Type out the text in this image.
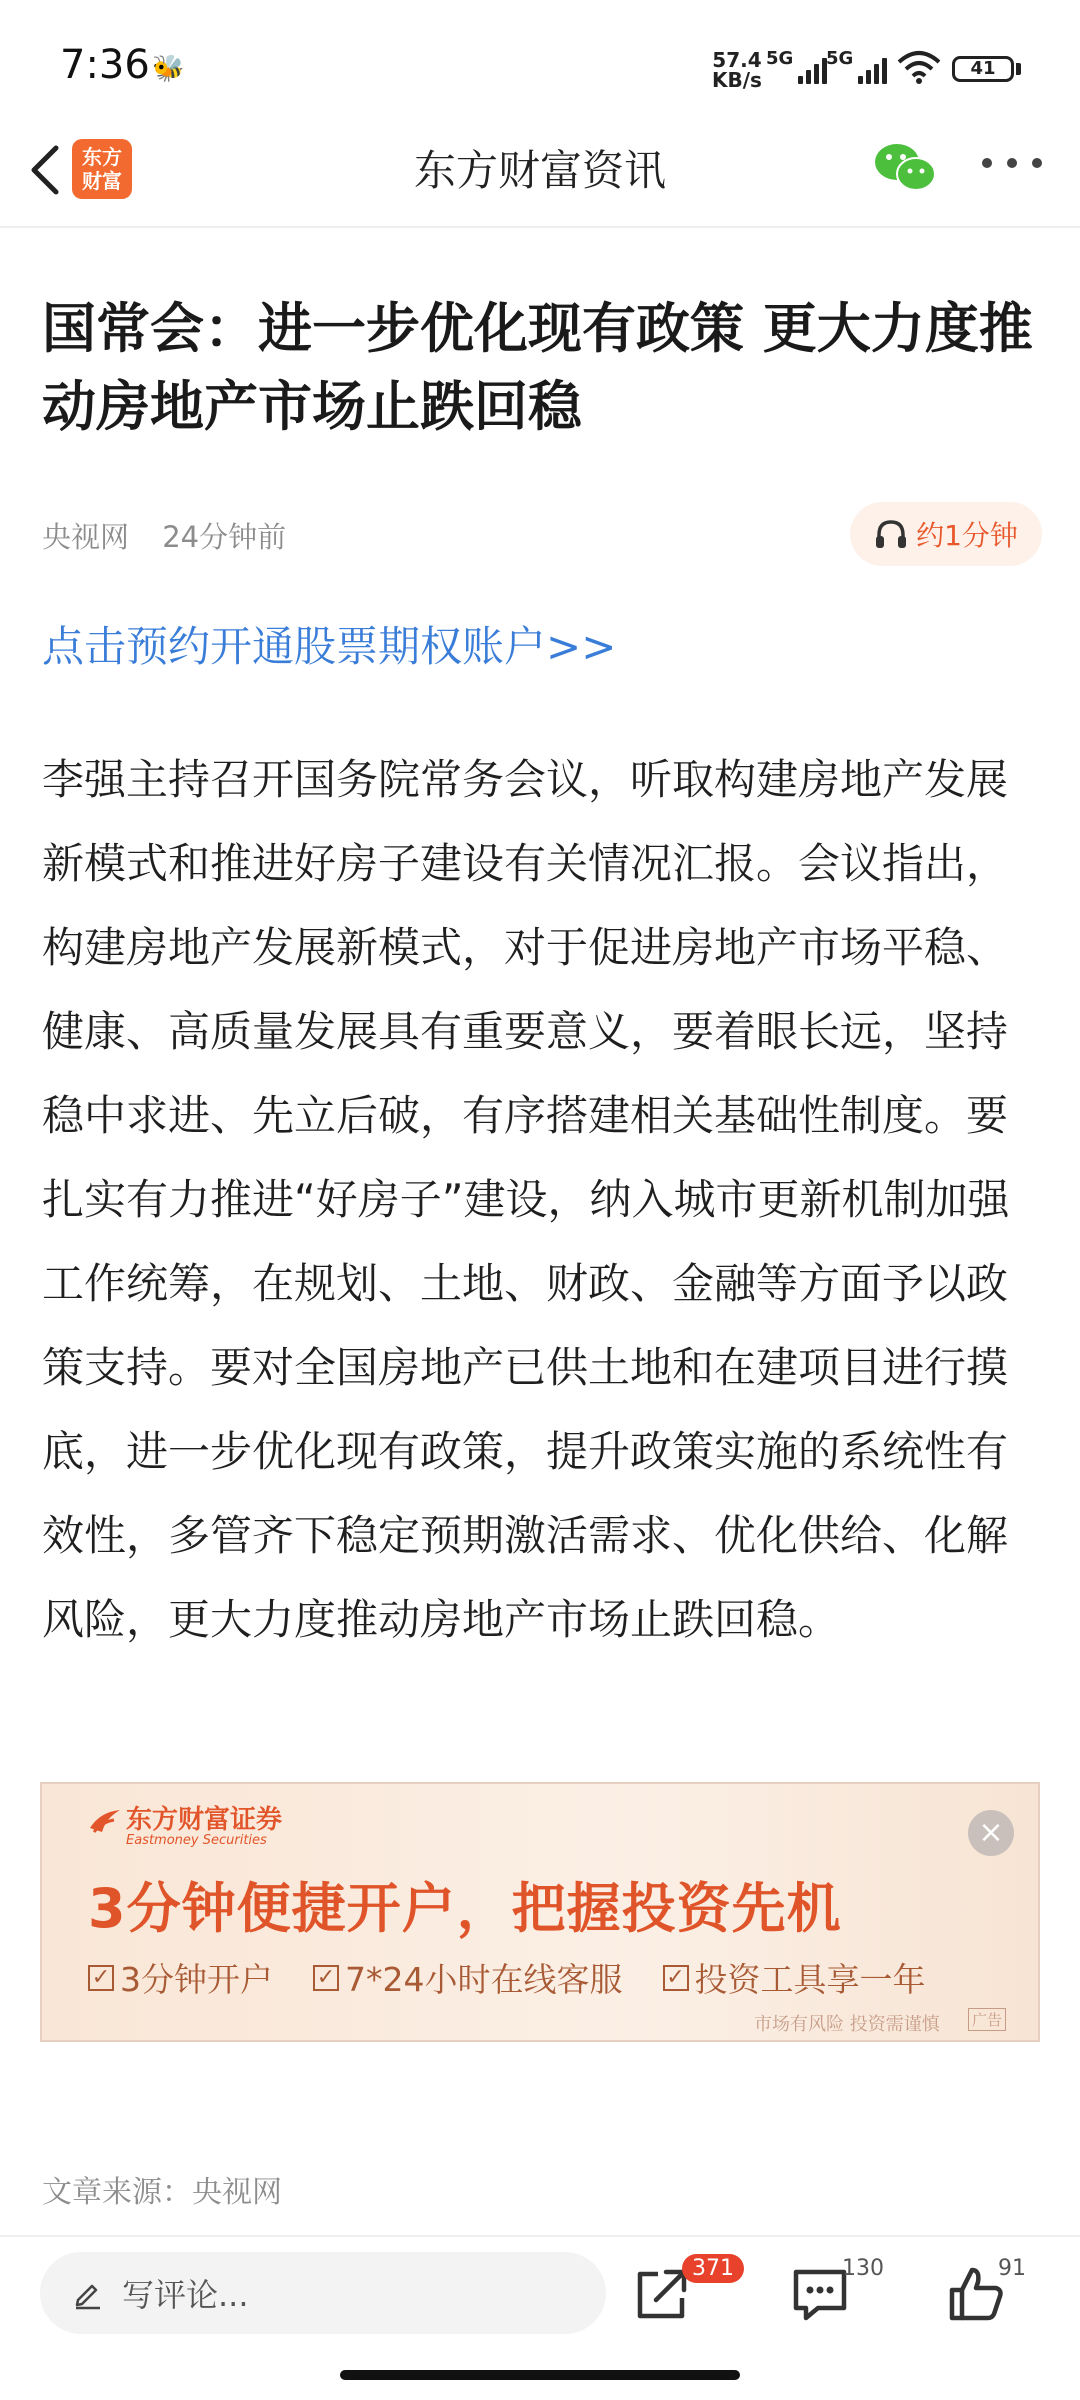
7:36 🐝	57.4
KB/s
5G 5G	41
东方
财富	东方财富资讯
国常会：进一步优化现有政策 更大力度推动房地产市场止跌回稳
央视网 24分钟前	约1分钟
点击预约开通股票期权账户>>

李强主持召开国务院常务会议，听取构建房地产发展新模式和推进好房子建设有关情况汇报。会议指出，构建房地产发展新模式，对于促进房地产市场平稳、健康、高质量发展具有重要意义，要着眼长远，坚持稳中求进、先立后破，有序搭建相关基础性制度。要扎实有力推进“好房子”建设，纳入城市更新机制加强工作统筹，在规划、土地、财政、金融等方面予以政策支持。要对全国房地产已供土地和在建项目进行摸底，进一步优化现有政策，提升政策实施的系统性有效性，多管齐下稳定预期激活需求、优化供给、化解风险，更大力度推动房地产市场止跌回稳。

东方财富证券
Eastmoney Securities	×
3分钟便捷开户，把握投资先机
✓ 3分钟开户 ✓ 7*24小时在线客服 ✓ 投资工具享一年
市场有风险 投资需谨慎 广告
文章来源：央视网
写评论...
371	130	91
